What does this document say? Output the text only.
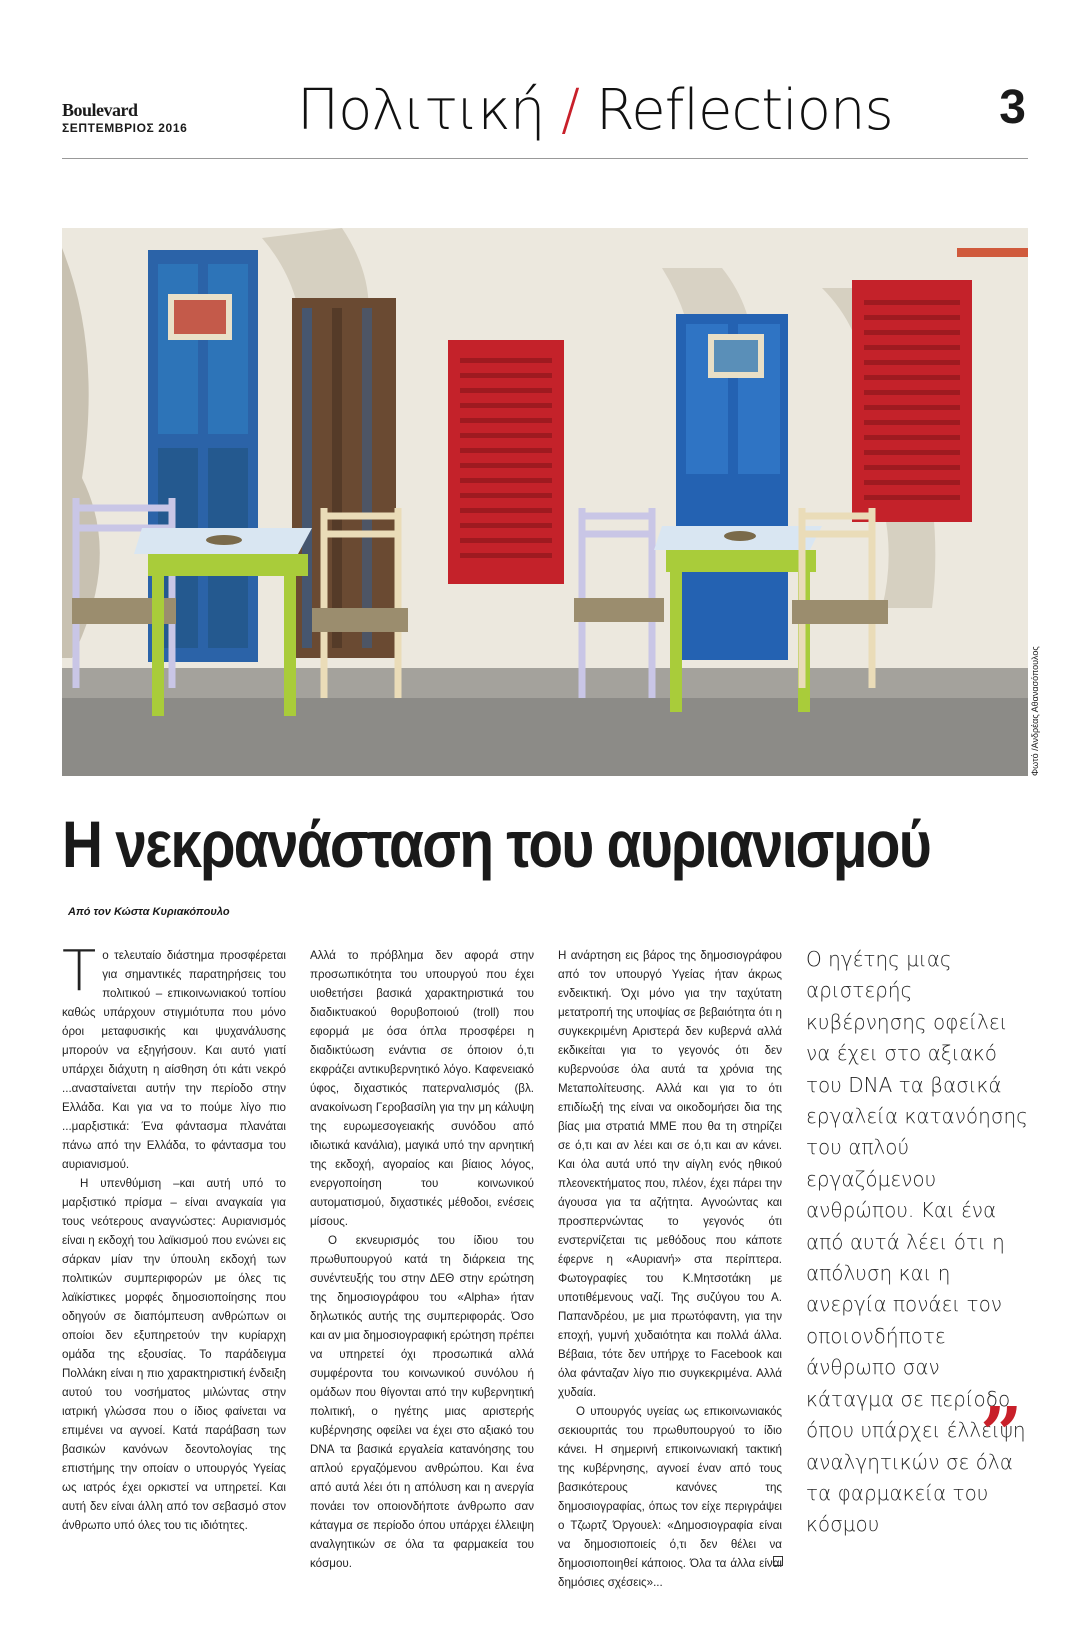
Boulevard
ΣΕΠΤΕΜΒΡΙΟΣ 2016 Πολιτική / Reflections 3
Φωτό /Ανδρέας Αθανασόπουλος
Η νεκρανάσταση του αυριανισμού
Από τον Κώστα Κυριακόπουλο

Το τελευταίο διάστημα προσφέρεται για σημαντικές παρατηρήσεις του πολιτικού – επικοινωνιακού τοπίου καθώς υπάρχουν στιγμιότυπα που μόνο όροι μεταφυσικής και ψυχανάλυσης μπορούν να εξηγήσουν. Και αυτό γιατί υπάρχει διάχυτη η αίσθηση ότι κάτι νεκρό ...ανασταίνεται αυτήν την περίοδο στην Ελλάδα. Και για να το πούμε λίγο πιο ...μαρξιστικά: Ένα φάντασμα πλανάται πάνω από την Ελλάδα, το φάντασμα του αυριανισμού.

Η υπενθύμιση –και αυτή υπό το μαρξιστικό πρίσμα – είναι αναγκαία για τους νεότερους αναγνώστες: Αυριανισμός είναι η εκδοχή του λαϊκισμού που ενώνει εις σάρκαν μίαν την ύπουλη εκδοχή των πολιτικών συμπεριφορών με όλες τις λαϊκίστικες μορφές δημοσιοποίησης που οδηγούν σε διαπόμπευση ανθρώπων οι οποίοι δεν εξυπηρετούν την κυρίαρχη ομάδα της εξουσίας. Το παράδειγμα Πολλάκη είναι η πιο χαρακτηριστική ένδειξη αυτού του νοσήματος μιλώντας στην ιατρική γλώσσα που ο ίδιος φαίνεται να επιμένει να αγνοεί. Κατά παράβαση των βασικών κανόνων δεοντολογίας της επιστήμης την οποίαν ο υπουργός Υγείας ως ιατρός έχει ορκιστεί να υπηρετεί. Και αυτή δεν είναι άλλη από τον σεβασμό στον άνθρωπο υπό όλες του τις ιδιότητες.

Αλλά το πρόβλημα δεν αφορά στην προσωπικότητα του υπουργού που έχει υιοθετήσει βασικά χαρακτηριστικά του διαδικτυακού θορυβοποιού (troll) που εφορμά με όσα όπλα προσφέρει η διαδικτύωση ενάντια σε όποιον ό,τι εκφράζει αντικυβερνητικό λόγο. Καφενειακό ύφος, διχαστικός πατερναλισμός (βλ. ανακοίνωση Γεροβασίλη για την μη κάλυψη της ευρωμεσογειακής συνόδου από ιδιωτικά κανάλια), μαγικά υπό την αρνητική της εκδοχή, αγοραίος και βίαιος λόγος, ενεργοποίηση του κοινωνικού αυτοματισμού, διχαστικές μέθοδοι, ενέσεις μίσους.

Ο εκνευρισμός του ίδιου του πρωθυπουργού κατά τη διάρκεια της συνέντευξής του στην ΔΕΘ στην ερώτηση της δημοσιογράφου του «Alpha» ήταν δηλωτικός αυτής της συμπεριφοράς. Όσο και αν μια δημοσιογραφική ερώτηση πρέπει να υπηρετεί όχι προσωπικά αλλά συμφέροντα του κοινωνικού συνόλου ή ομάδων που θίγονται από την κυβερνητική πολιτική, ο ηγέτης μιας αριστερής κυβέρνησης οφείλει να έχει στο αξιακό του DNA τα βασικά εργαλεία κατανόησης του απλού εργαζόμενου ανθρώπου. Και ένα από αυτά λέει ότι η απόλυση και η ανεργία πονάει τον οποιονδήποτε άνθρωπο σαν κάταγμα σε περίοδο όπου υπάρχει έλλειψη αναλγητικών σε όλα τα φαρμακεία του κόσμου.

Η ανάρτηση εις βάρος της δημοσιογράφου από τον υπουργό Υγείας ήταν άκρως ενδεικτική. Όχι μόνο για την ταχύτατη μετατροπή της υποψίας σε βεβαιότητα ότι η συγκεκριμένη Αριστερά δεν κυβερνά αλλά εκδικείται για το γεγονός ότι δεν κυβερνούσε όλα αυτά τα χρόνια της Μεταπολίτευσης. Αλλά και για το ότι επιδίωξή της είναι να οικοδομήσει δια της βίας μια στρατιά ΜΜΕ που θα τη στηρίζει σε ό,τι και αν λέει και σε ό,τι και αν κάνει. Και όλα αυτά υπό την αίγλη ενός ηθικού πλεονεκτήματος που, πλέον, έχει πάρει την άγουσα για τα αζήτητα. Αγνοώντας και προσπερνώντας το γεγονός ότι ενστερνίζεται τις μεθόδους που κάποτε έφερνε η «Αυριανή» στα περίπτερα. Φωτογραφίες του Κ.Μητσοτάκη με υποτιθέμενους ναζί. Της συζύγου του Α. Παπανδρέου, με μια πρωτόφαντη, για την εποχή, γυμνή χυδαιότητα και πολλά άλλα. Βέβαια, τότε δεν υπήρχε το Facebook και όλα φάνταζαν λίγο πιο συγκεκριμένα. Αλλά χυδαία.

Ο υπουργός υγείας ως επικοινωνιακός σεκιουριτάς του πρωθυπουργού το ίδιο κάνει. Η σημερινή επικοινωνιακή τακτική της κυβέρνησης, αγνοεί έναν από τους βασικότερους κανόνες της δημοσιογραφίας, όπως τον είχε περιγράψει ο Τζωρτζ Όργουελ: «Δημοσιογραφία είναι να δημοσιοποιείς ό,τι δεν θέλει να δημοσιοποιηθεί κάποιος. Όλα τα άλλα είναι δημόσιες σχέσεις»...

Ο ηγέτης μιας αριστερής κυβέρνησης οφείλει να έχει στο αξιακό του DNA τα βασικά εργαλεία κατανόησης του απλού εργαζόμενου ανθρώπου. Και ένα από αυτά λέει ότι η απόλυση και η ανεργία πονάει τον οποιονδήποτε άνθρωπο σαν κάταγμα σε περίοδο όπου υπάρχει έλλειψη αναλγητικών σε όλα τα φαρμακεία του κόσμου
”
